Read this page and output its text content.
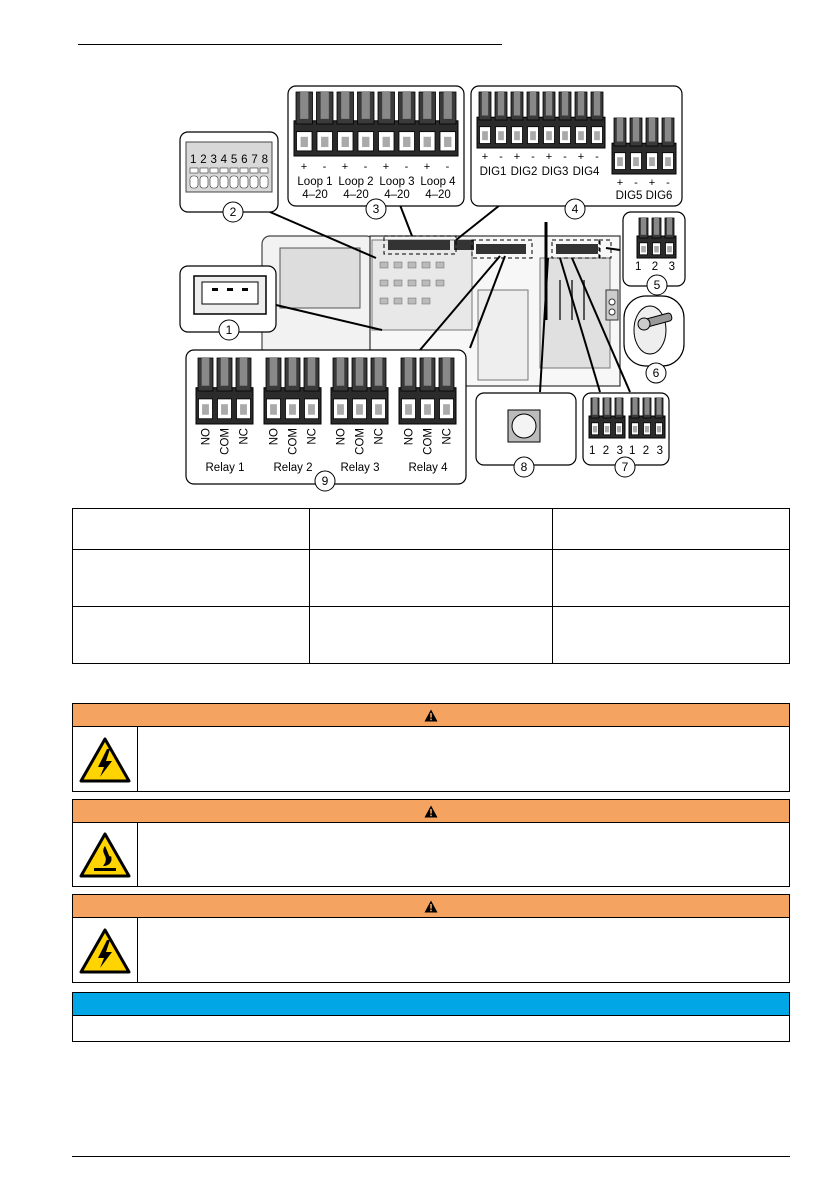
1 2 3 4 5 6 7 8
2
1
+ - + - + - + -
Loop 1 Loop 2 Loop 3 Loop 4
4–20 4–20 4–20 4–20
3
+ - + - + - + -
DIG1 DIG2 DIG3 DIG4
+ - + -
DIG5 DIG6
4
1 2 3
5
6
NO COM NC NO COM NC NO COM NC NO COM NC
Relay 1	Relay 2 Relay 3	Relay 4
9
8
1 2 3 1 2 3
7
